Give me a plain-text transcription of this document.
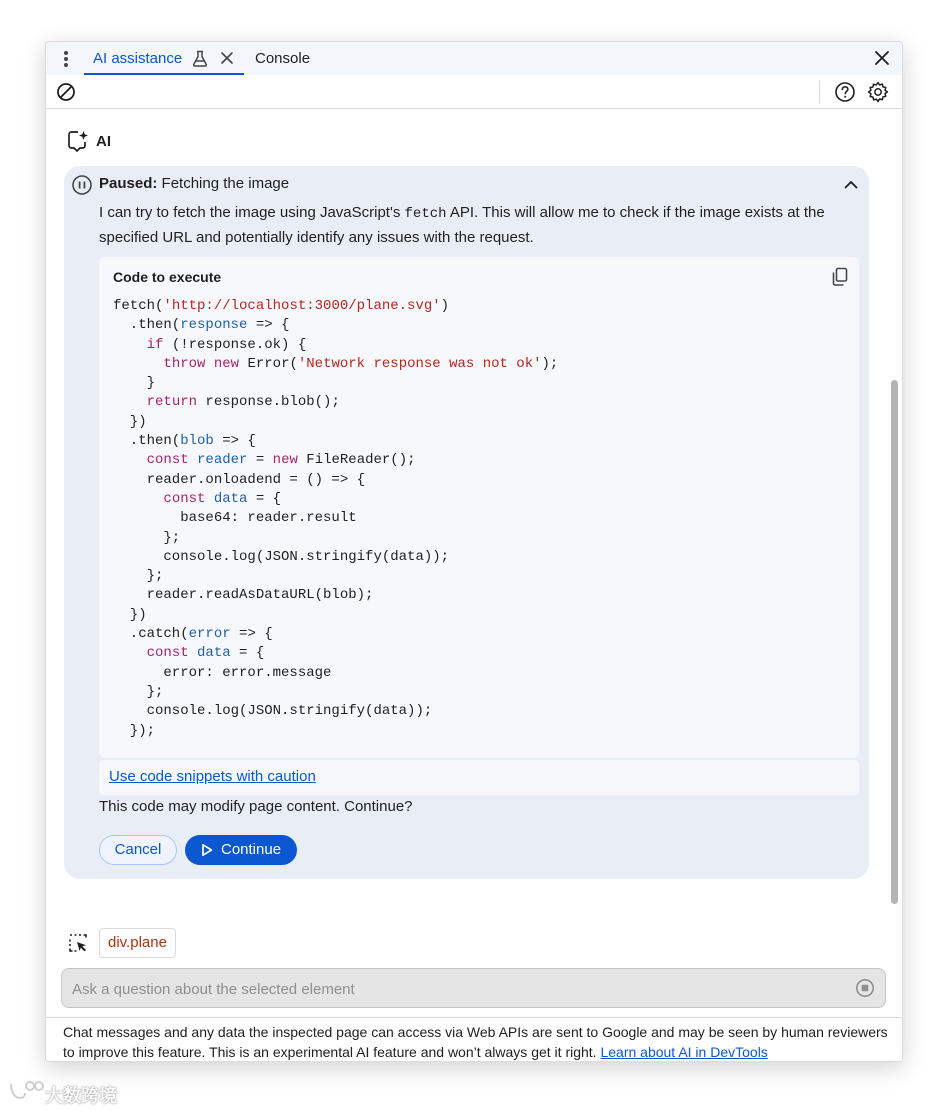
AI assistance	Console
AI
Paused: Fetching the image
I can try to fetch the image using JavaScript's fetch API. This will allow me to check if the image exists at the specified URL and potentially identify any issues with the request.
Code to execute
fetch('http://localhost:3000/plane.svg')
.then(response => {
if (!response.ok) {
throw new Error('Network response was not ok');
}
return response.blob();
})
.then(blob => {
const reader = new FileReader();
reader.onloadend = () => {
const data = {
base64: reader.result
};
console.log(JSON.stringify(data));
};
reader.readAsDataURL(blob);
})
.catch(error => {
const data = {
error: error.message
};
console.log(JSON.stringify(data));
});
Use code snippets with caution
This code may modify page content. Continue?
Cancel	Continue
div.plane
Ask a question about the selected element

Chat messages and any data the inspected page can access via Web APIs are sent to Google and may be seen by human reviewers to improve this feature. This is an experimental AI feature and won’t always get it right. Learn about AI in DevTools

大数跨境
